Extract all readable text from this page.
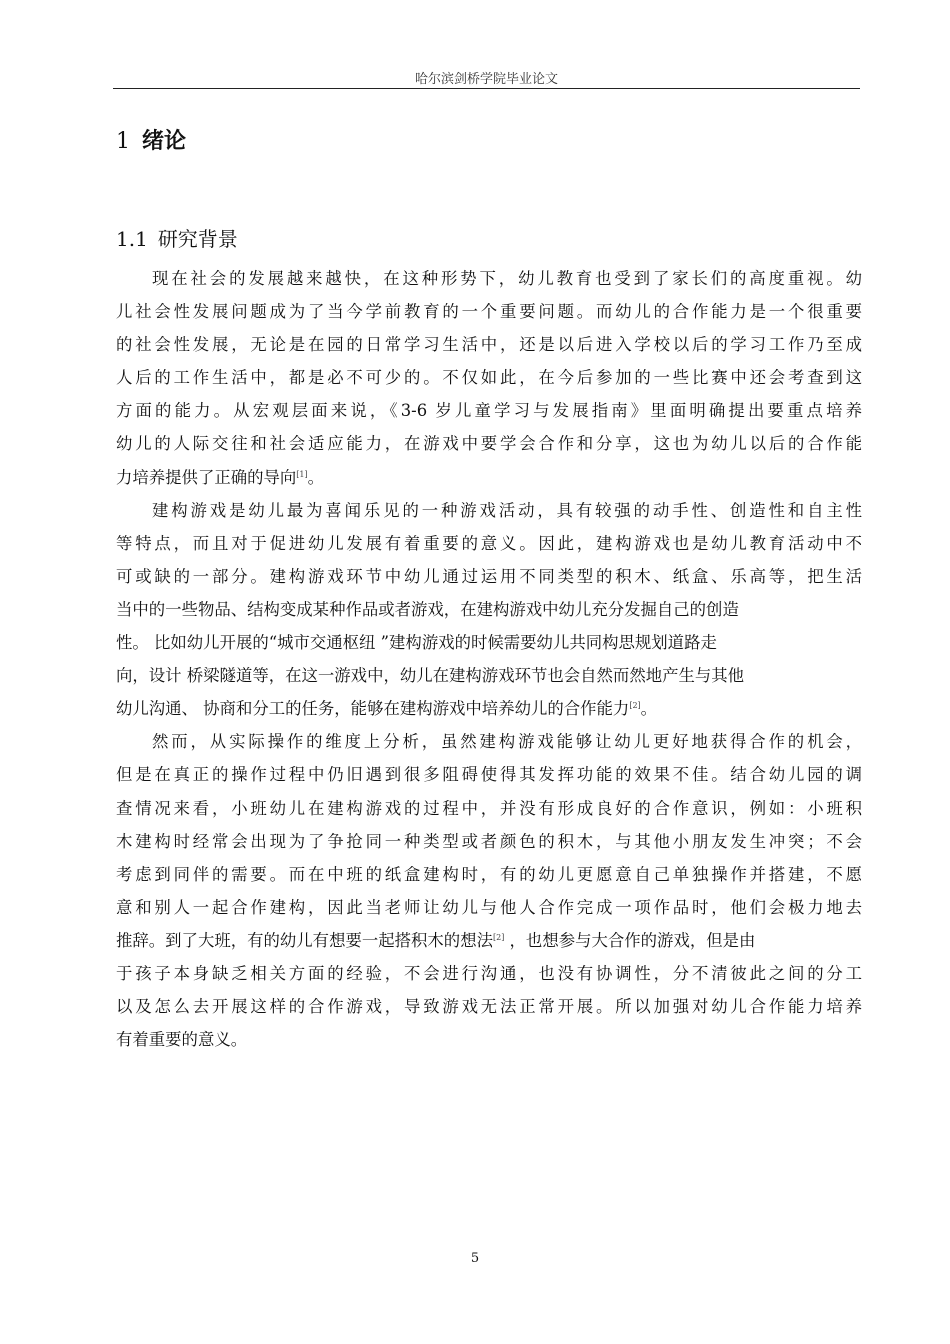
哈尔滨剑桥学院毕业论文
1 绪论
1.1 研究背景
现在社会的发展越来越快，在这种形势下，幼儿教育也受到了家长们的高度重视。幼
儿社会性发展问题成为了当今学前教育的一个重要问题。而幼儿的合作能力是一个很重要
的社会性发展，无论是在园的日常学习生活中，还是以后进入学校以后的学习工作乃至成
人后的工作生活中，都是必不可少的。不仅如此，在今后参加的一些比赛中还会考查到这
方面的能力。从宏观层面来说，《3-6 岁儿童学习与发展指南》里面明确提出要重点培养
幼儿的人际交往和社会适应能力，在游戏中要学会合作和分享，这也为幼儿以后的合作能
力培养提供了正确的导向[1]。
建构游戏是幼儿最为喜闻乐见的一种游戏活动，具有较强的动手性、创造性和自主性
等特点，而且对于促进幼儿发展有着重要的意义。因此，建构游戏也是幼儿教育活动中不
可或缺的一部分。建构游戏环节中幼儿通过运用不同类型的积木、纸盒、乐高等，把生活
当中的一些物品、结构变成某种作品或者游戏，在建构游戏中幼儿充分发掘自己的创造
性。 比如幼儿开展的“城市交通枢纽 ”建构游戏的时候需要幼儿共同构思规划道路走
向，设计 桥梁隧道等，在这一游戏中，幼儿在建构游戏环节也会自然而然地产生与其他
幼儿沟通、 协商和分工的任务，能够在建构游戏中培养幼儿的合作能力[2]。
然而，从实际操作的维度上分析，虽然建构游戏能够让幼儿更好地获得合作的机会，
但是在真正的操作过程中仍旧遇到很多阻碍使得其发挥功能的效果不佳。结合幼儿园的调
查情况来看，小班幼儿在建构游戏的过程中，并没有形成良好的合作意识，例如：小班积
木建构时经常会出现为了争抢同一种类型或者颜色的积木，与其他小朋友发生冲突；不会
考虑到同伴的需要。而在中班的纸盒建构时，有的幼儿更愿意自己单独操作并搭建，不愿
意和别人一起合作建构，因此当老师让幼儿与他人合作完成一项作品时，他们会极力地去
推辞。到了大班，有的幼儿有想要一起搭积木的想法[2] ，也想参与大合作的游戏，但是由
于孩子本身缺乏相关方面的经验，不会进行沟通，也没有协调性，分不清彼此之间的分工
以及怎么去开展这样的合作游戏，导致游戏无法正常开展。所以加强对幼儿合作能力培养
有着重要的意义。
5
